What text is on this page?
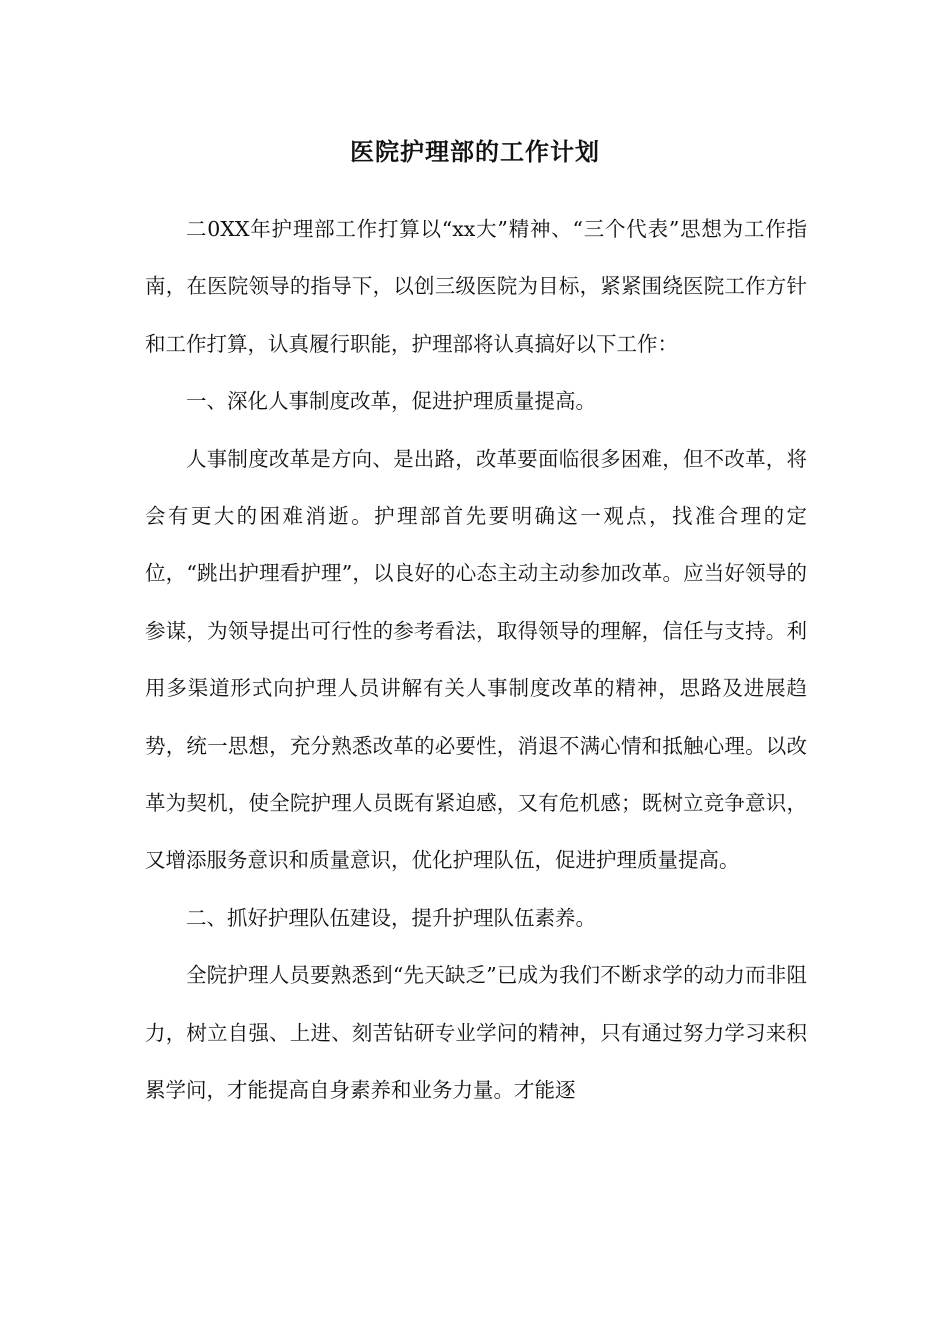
医院护理部的工作计划

二0XX年护理部工作打算以“xx大”精神、“三个代表”思想为工作指南，在医院领导的指导下，以创三级医院为目标，紧紧围绕医院工作方针和工作打算，认真履行职能，护理部将认真搞好以下工作：

一、深化人事制度改革，促进护理质量提高。

人事制度改革是方向、是出路，改革要面临很多困难，但不改革，将会有更大的困难消逝。护理部首先要明确这一观点，找准合理的定位，“跳出护理看护理”，以良好的心态主动主动参加改革。应当好领导的参谋，为领导提出可行性的参考看法，取得领导的理解，信任与支持。利用多渠道形式向护理人员讲解有关人事制度改革的精神，思路及进展趋势，统一思想，充分熟悉改革的必要性，消退不满心情和抵触心理。以改革为契机，使全院护理人员既有紧迫感，又有危机感；既树立竞争意识，又增添服务意识和质量意识，优化护理队伍，促进护理质量提高。

二、抓好护理队伍建设，提升护理队伍素养。

全院护理人员要熟悉到“先天缺乏”已成为我们不断求学的动力而非阻力，树立自强、上进、刻苦钻研专业学问的精神，只有通过努力学习来积累学问，才能提高自身素养和业务力量。才能逐
